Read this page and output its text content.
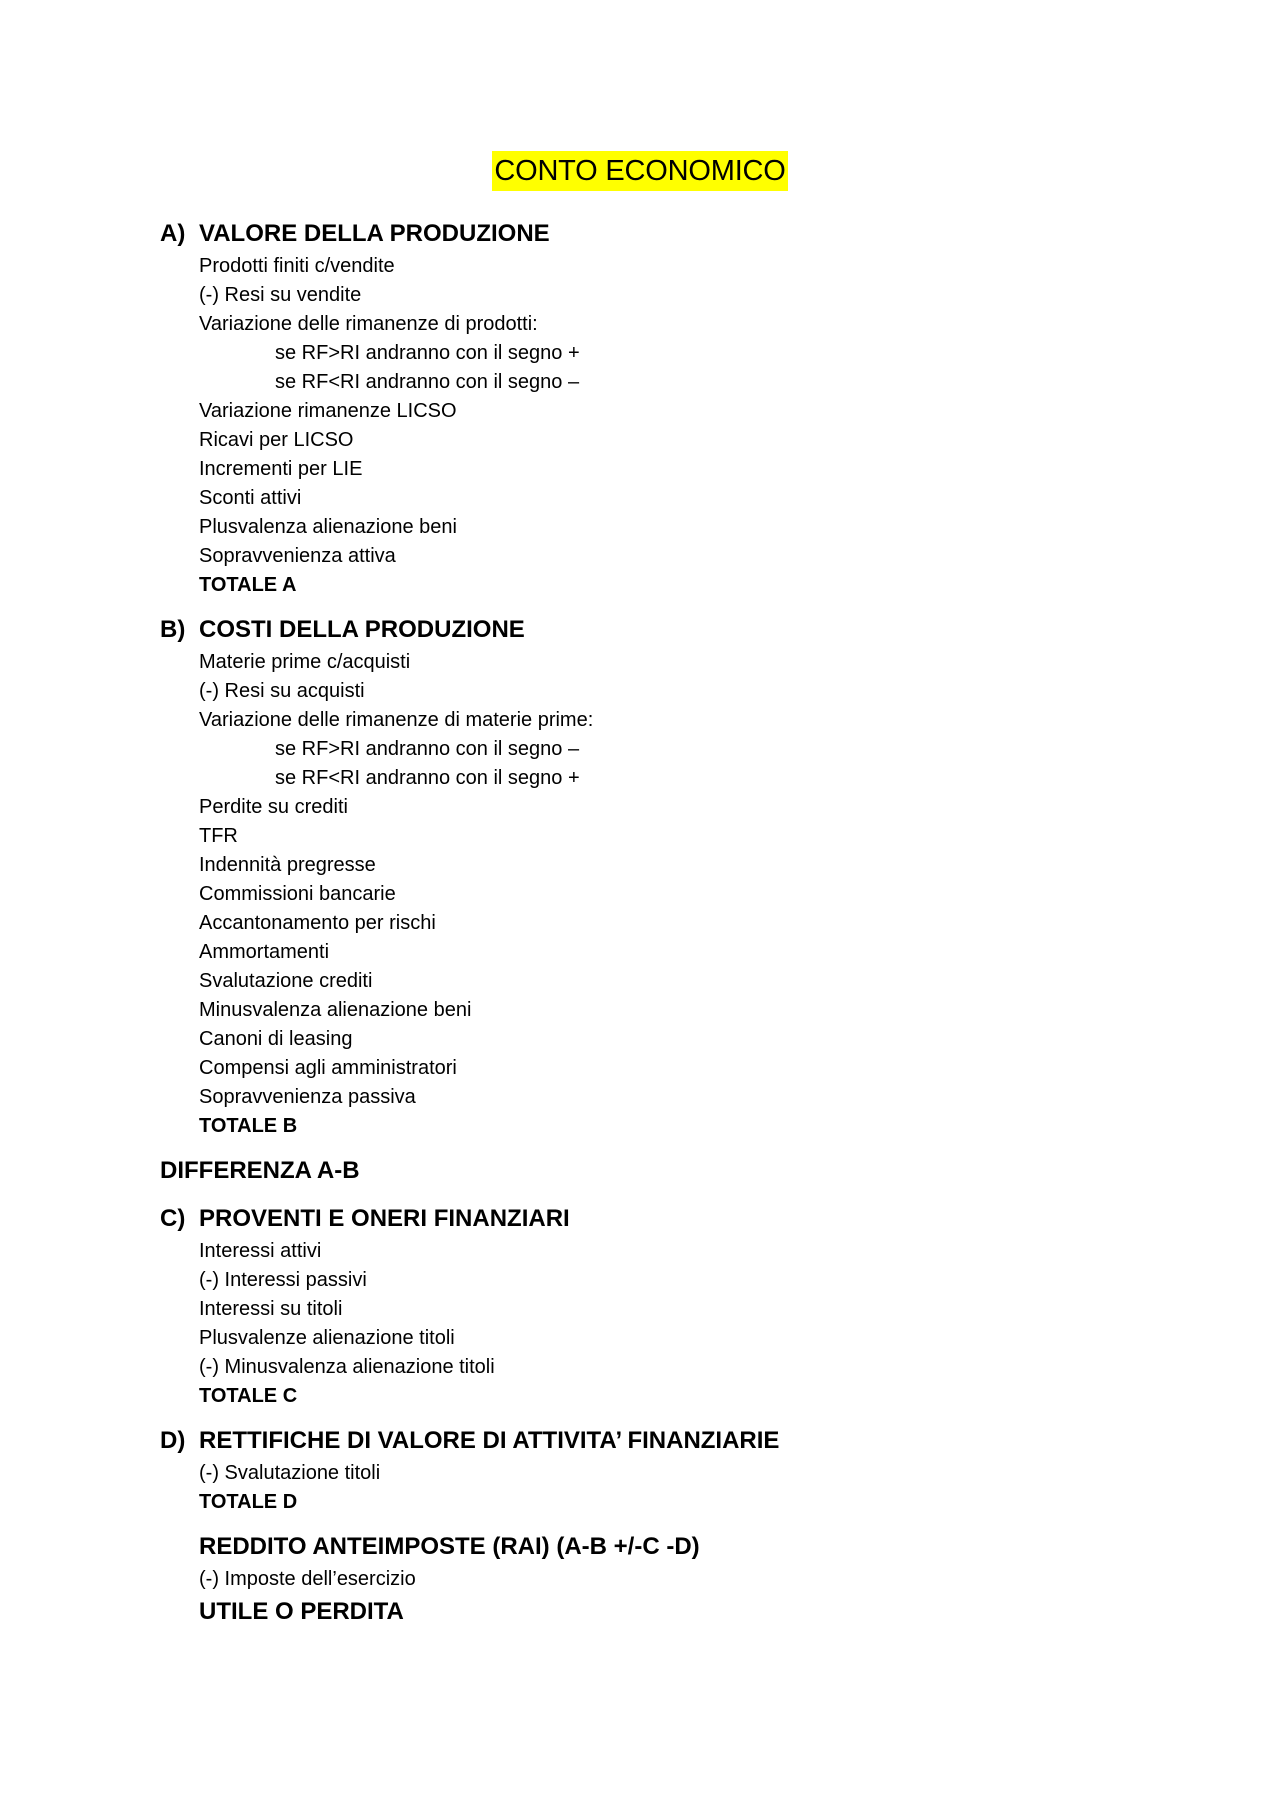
CONTO ECONOMICO
A) VALORE DELLA PRODUZIONE
Prodotti finiti c/vendite
(-) Resi su vendite
Variazione delle rimanenze di prodotti:
se RF>RI andranno con il segno +
se RF<RI andranno con il segno –
Variazione rimanenze LICSO
Ricavi per LICSO
Incrementi per LIE
Sconti attivi
Plusvalenza alienazione beni
Sopravvenienza attiva
TOTALE A
B) COSTI DELLA PRODUZIONE
Materie prime c/acquisti
(-) Resi su acquisti
Variazione delle rimanenze di materie prime:
se RF>RI andranno con il segno –
se RF<RI andranno con il segno +
Perdite su crediti
TFR
Indennità pregresse
Commissioni bancarie
Accantonamento per rischi
Ammortamenti
Svalutazione crediti
Minusvalenza alienazione beni
Canoni di leasing
Compensi agli amministratori
Sopravvenienza passiva
TOTALE B
DIFFERENZA A-B
C) PROVENTI E ONERI FINANZIARI
Interessi attivi
(-) Interessi passivi
Interessi su titoli
Plusvalenze alienazione titoli
(-) Minusvalenza alienazione titoli
TOTALE C
D) RETTIFICHE DI VALORE DI ATTIVITA’ FINANZIARIE
(-) Svalutazione titoli
TOTALE D
REDDITO ANTEIMPOSTE (RAI) (A-B +/-C -D)
(-) Imposte dell’esercizio
UTILE O PERDITA
